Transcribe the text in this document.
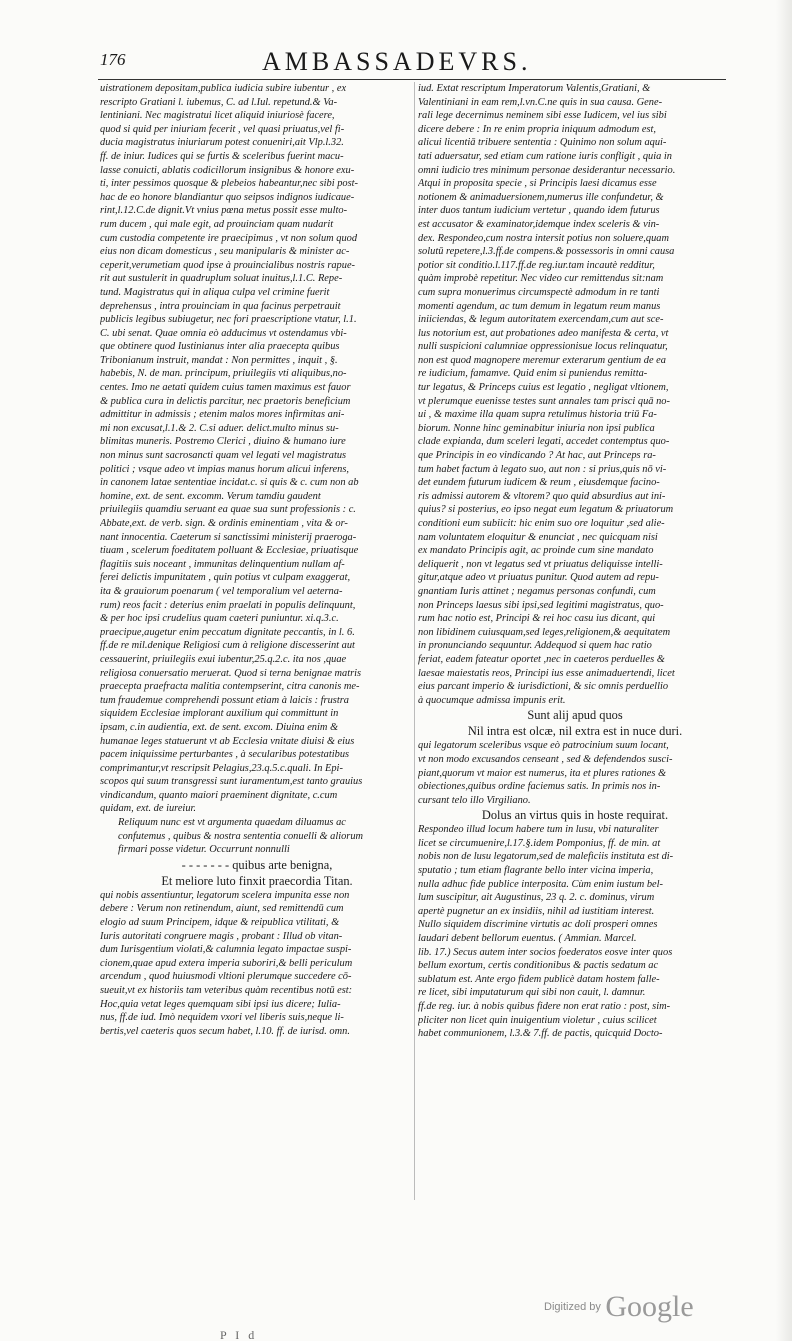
176	AMBASSADEVRS.
uistrationem depositam,publica iudicia subire iubentur , ex
rescripto Gratiani l. iubemus, C. ad l.Iul. repetund.& Va-
lentiniani. Nec magistratui licet aliquid iniuriosè facere,
quod si quid per iniuriam fecerit , vel quasi priuatus,vel fi-
ducia magistratus iniuriarum potest conueniri,ait Vlp.l.32.
ff. de iniur. Iudices qui se furtis & sceleribus fuerint macu-
lasse conuicti, ablatis codicillorum insignibus & honore exu-
ti, inter pessimos quosque & plebeios habeantur,nec sibi post-
hac de eo honore blandiantur quo seipsos indignos iudicaue-
rint,l.12.C.de dignit.Vt vnius pœna metus possit esse multo-
rum ducem , qui male egit, ad prouinciam quam nudarit
cum custodia competente ire praecipimus , vt non solum quod
eius non dicam domesticus , seu manipularis & minister ac-
ceperit,verumetiam quod ipse à prouincialibus nostris rapue-
rit aut sustulerit in quadruplum soluat inuitus,l.1.C. Repe-
tund. Magistratus qui in aliqua culpa vel crimine fuerit
deprehensus , intra prouinciam in qua facinus perpetrauit
publicis legibus subiugetur, nec fori praescriptione vtatur, l.1.
C. ubi senat. Quae omnia eò adducimus vt ostendamus vbi-
que obtinere quod Iustinianus inter alia praecepta quibus
Tribonianum instruit, mandat : Non permittes , inquit , §.
habebis, N. de man. principum, priuilegiis vti aliquibus,no-
centes. Imo ne aetati quidem cuius tamen maximus est fauor
& publica cura in delictis parcitur, nec praetoris beneficium
admittitur in admissis ; etenim malos mores infirmitas ani-
mi non excusat,l.1.& 2. C.si aduer. delict.multo minus su-
blimitas muneris. Postremo Clerici , diuino & humano iure
non minus sunt sacrosancti quam vel legati vel magistratus
politici ; vsque adeo vt impias manus horum alicui inferens,
in canonem latae sententiae incidat.c. si quis & c. cum non ab
homine, ext. de sent. excomm. Verum tamdiu gaudent
priuilegiis quamdiu seruant ea quae sua sunt professionis : c.
Abbate,ext. de verb. sign. & ordinis eminentiam , vita & or-
nant innocentia. Caeterum si sanctissimi ministerij praeroga-
tiuam , scelerum foeditatem polluant & Ecclesiae, priuatisque
flagitiis suis noceant , immunitas delinquentium nullam af-
ferei delictis impunitatem , quin potius vt culpam exaggerat,
ita & grauiorum poenarum ( vel temporalium vel aeterna-
rum) reos facit : deterius enim praelati in populis delinquunt,
& per hoc ipsi crudelius quam caeteri puniuntur. xi.q.3.c.
praecipue,augetur enim peccatum dignitate peccantis, in l. 6.
ff.de re mil.denique Religiosi cum à religione discesserint aut
cessauerint, priuilegiis exui iubentur,25.q.2.c. ita nos ,quae
religiosa conuersatio meruerat. Quod si terna benignae matris
praecepta praefracta malitia contempserint, citra canonis me-
tum fraudemue comprehendi possunt etiam à laicis : frustra
siquidem Ecclesiae implorant auxilium qui committunt in
ipsam, c.in audientia, ext. de sent. excom. Diuina enim &
humanae leges statuerunt vt ab Ecclesia vnitate diuisi & eius
pacem iniquissime perturbantes , à secularibus potestatibus
comprimantur,vt rescripsit Pelagius,23.q.5.c.quali. In Epi-
scopos qui suum transgressi sunt iuramentum,est tanto grauius
vindicandum, quanto maiori praeminent dignitate, c.cum
quidam, ext. de iureiur.
Reliquum nunc est vt argumenta quaedam diluamus ac
confutemus , quibus & nostra sententia conuelli & aliorum
firmari posse videtur. Occurrunt nonnulli
- - - - - - - quibus arte benigna,
Et meliore luto finxit praecordia Titan.
qui nobis assentiuntur, legatorum scelera impunita esse non
debere : Verum non retinendum, aiunt, sed remittendū cum
elogio ad suum Principem, idque & reipublica vtilitati, &
Iuris autoritati congruere magis , probant : Illud ob vitan-
dum Iurisgentium violati,& calumnia legato impactae suspi-
cionem,quae apud extera imperia suboriri,& belli periculum
arcendum , quod huiusmodi vltioni plerumque succedere cō-
sueuit,vt ex historiis tam veteribus quàm recentibus notū est:
Hoc,quia vetat leges quemquam sibi ipsi ius dicere; Iulia-
nus, ff.de iud. Imò nequidem vxori vel liberis suis,neque li-
bertis,vel caeteris quos secum habet, l.10. ff. de iurisd. omn.
iud. Extat rescriptum Imperatorum Valentis,Gratiani, &
Valentiniani in eam rem,l.vn.C.ne quis in sua causa. Gene-
rali lege decernimus neminem sibi esse Iudicem, vel ius sibi
dicere debere : In re enim propria iniquum admodum est,
alicui licentiā tribuere sententia : Quinimo non solum aqui-
tati aduersatur, sed etiam cum ratione iuris confligit , quia in
omni iudicio tres minimum personae desiderantur necessario.
Atqui in proposita specie , si Principis laesi dicamus esse
notionem & animaduersionem,numerus ille confundetur, &
inter duos tantum iudicium vertetur , quando idem futurus
est accusator & examinator,idemque index sceleris & vin-
dex. Respondeo,cum nostra intersit potius non soluere,quam
solutū repetere,l.3.ff.de compens.& possessoris in omni causa
potior sit conditio.l.117.ff.de reg.iur.tam incautè redditur,
quàm improbè repetitur. Nec video cur remittendus sit:nam
cum supra monuerimus circumspectè admodum in re tanti
momenti agendum, ac tum demum in legatum reum manus
iniiciendas, & legum autoritatem exercendam,cum aut sce-
lus notorium est, aut probationes adeo manifesta & certa, vt
nulli suspicioni calumniae oppressionisue locus relinquatur,
non est quod magnopere meremur exterarum gentium de ea
re iudicium, famamve. Quid enim si puniendus remitta-
tur legatus, & Princeps cuius est legatio , negligat vltionem,
vt plerumque euenisse testes sunt annales tam prisci quā no-
ui , & maxime illa quam supra retulimus historia triū Fa-
biorum. Nonne hinc geminabitur iniuria non ipsi publica
clade expianda, dum sceleri legati, accedet contemptus quo-
que Principis in eo vindicando ? At hac, aut Princeps ra-
tum habet factum à legato suo, aut non : si prius,quis nō vi-
det eundem futurum iudicem & reum , eiusdemque facino-
ris admissi autorem & vltorem? quo quid absurdius aut ini-
quius? si posterius, eo ipso negat eum legatum & priuatorum
conditioni eum subiicit: hic enim suo ore loquitur ,sed alie-
nam voluntatem eloquitur & enunciat , nec quicquam nisi
ex mandato Principis agit, ac proinde cum sine mandato
deliquerit , non vt legatus sed vt priuatus deliquisse intelli-
gitur,atque adeo vt priuatus punitur. Quod autem ad repu-
gnantiam Iuris attinet ; negamus personas confundi, cum
non Princeps laesus sibi ipsi,sed legitimi magistratus, quo-
rum hac notio est, Principi & rei hoc casu ius dicant, qui
non libidinem cuiusquam,sed leges,religionem,& aequitatem
in pronunciando sequuntur. Addequod si quem hac ratio
feriat, eadem fateatur oportet ,nec in caeteros perduelles &
laesae maiestatis reos, Principi ius esse animaduertendi, licet
eius parcant imperio & iurisdictioni, & sic omnis perduellio
à quocumque admissa impunis erit.
Sunt alij apud quos
Nil intra est olcæ, nil extra est in nuce duri.
qui legatorum sceleribus vsque eò patrocinium suum locant,
vt non modo excusandos censeant , sed & defendendos susci-
piant,quorum vt maior est numerus, ita et plures rationes &
obiectiones,quibus ordine faciemus satis. In primis nos in-
cursant telo illo Virgiliano.
Dolus an virtus quis in hoste requirat.
Respondeo illud locum habere tum in lusu, vbi naturaliter
licet se circumuenire,l.17.§.idem Pomponius, ff. de min. at
nobis non de lusu legatorum,sed de malefìciis instituta est di-
sputatio ; tum etiam flagrante bello inter vicina imperia,
nulla adhuc fide publice interposita. Cùm enim iustum bel-
lum suscipitur, ait Augustinus, 23 q. 2. c. dominus, virum
apertè pugnetur an ex insidiis, nihil ad iustitiam interest.
Nullo siquidem discrimine virtutis ac doli prosperi omnes
laudari debent bellorum euentus. ( Ammian. Marcel.
lib. 17.) Secus autem inter socios foederatos eosve inter quos
bellum exortum, certis conditionibus & pactis sedatum ac
sublatum est. Ante ergo fidem publicè datam hostem falle-
re licet, sibi imputaturum qui sibi non cauit, l. damnur.
ff.de reg. iur. à nobis quibus fidere non erat ratio : post, sim-
pliciter non licet quin inuigentium violetur , cuius scilicet
habet communionem, l.3.& 7.ff. de pactis, quicquid Docto-
Digitized by Google
P I d
